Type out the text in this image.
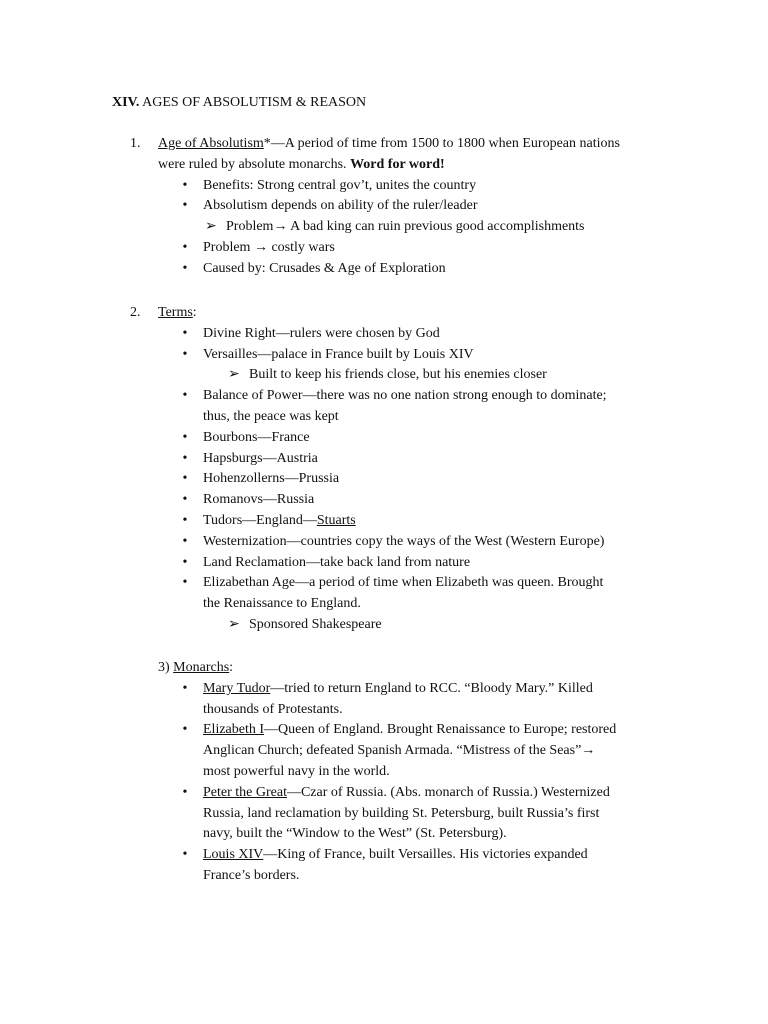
XIV. AGES OF ABSOLUTISM & REASON
1.	Age of Absolutism*—A period of time from 1500 to 1800 when European nations
were ruled by absolute monarchs. Word for word!
• Benefits: Strong central gov’t, unites the country
• Absolutism depends on ability of the ruler/leader
➢ Problem→ A bad king can ruin previous good accomplishments
• Problem → costly wars
• Caused by: Crusades & Age of Exploration
2.	Terms:
• Divine Right—rulers were chosen by God
• Versailles—palace in France built by Louis XIV
➢ Built to keep his friends close, but his enemies closer
• Balance of Power—there was no one nation strong enough to dominate;
thus, the peace was kept
• Bourbons—France
• Hapsburgs—Austria
• Hohenzollerns—Prussia
• Romanovs—Russia
• Tudors—England—Stuarts
• Westernization—countries copy the ways of the West (Western Europe)
• Land Reclamation—take back land from nature
• Elizabethan Age—a period of time when Elizabeth was queen. Brought
the Renaissance to England.
➢ Sponsored Shakespeare
3) Monarchs:
• Mary Tudor—tried to return England to RCC. “Bloody Mary.” Killed
thousands of Protestants.
• Elizabeth I—Queen of England. Brought Renaissance to Europe; restored
Anglican Church; defeated Spanish Armada. “Mistress of the Seas”→
most powerful navy in the world.
• Peter the Great—Czar of Russia. (Abs. monarch of Russia.) Westernized
Russia, land reclamation by building St. Petersburg, built Russia’s first
navy, built the “Window to the West” (St. Petersburg).
• Louis XIV—King of France, built Versailles. His victories expanded
France’s borders.
